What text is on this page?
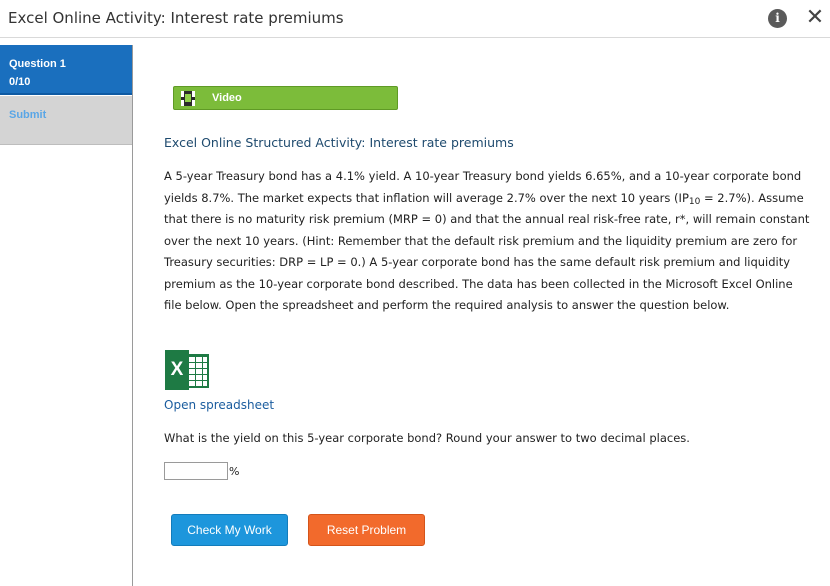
Excel Online Activity: Interest rate premiums	i	✕
Question 1
0/10
Submit
Video
Excel Online Structured Activity: Interest rate premiums
A 5-year Treasury bond has a 4.1% yield. A 10-year Treasury bond yields 6.65%, and a 10-year corporate bond yields 8.7%. The market expects that inflation will average 2.7% over the next 10 years $(IP_{10} = 2.7\%)$. Assume that there is no maturity risk premium (MRP = 0) and that the annual real risk-free rate, r*, will remain constant over the next 10 years. (Hint: Remember that the default risk premium and the liquidity premium are zero for Treasury securities: DRP = LP = 0.) A 5-year corporate bond has the same default risk premium and liquidity premium as the 10-year corporate bond described. The data has been collected in the Microsoft Excel Online file below. Open the spreadsheet and perform the required analysis to answer the question below.
X
Open spreadsheet
What is the yield on this 5-year corporate bond? Round your answer to two decimal places.
%
Check My Work	Reset Problem
